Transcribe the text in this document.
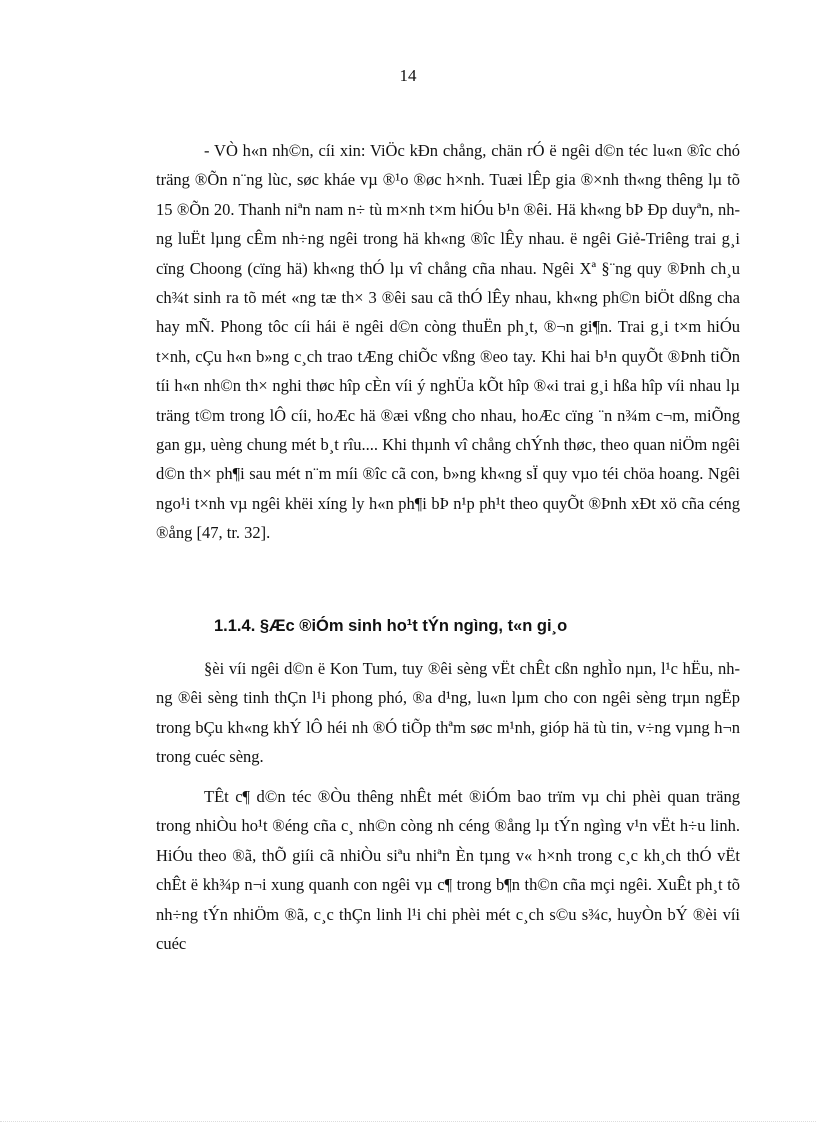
14

- VÒ h«n nh©n, cíi xin: ViÖc kÐn chång, chän rÓ ë ngêi d©n téc lu«n ®îc chó träng ®Õn n¨ng lùc, søc kháe vµ ®¹o ®øc h×nh. Tuæi lÊp gia ®×nh th«ng thêng lµ tõ 15 ®Õn 20. Thanh niªn nam n÷ tù m×nh t×m hiÓu b¹n ®êi. Hä kh«ng bÞ Ðp duyªn, nhng luËt lµng cÊm nh÷ng ngêi trong hä kh«ng ®îc lÊy nhau. ë ngêi Giẻ-Triêng trai g¸i cïng Choong (cïng hä) kh«ng thÓ lµ vî chång cña nhau. Ngêi Xª §¨ng quy ®Þnh ch¸u ch¾t sinh ra tõ mét «ng tæ th× 3 ®êi sau cã thÓ lÊy nhau, kh«ng ph©n biÖt dßng cha hay mÑ. Phong tôc cíi hái ë ngêi d©n còng thuËn ph¸t, ®¬n gi¶n. Trai g¸i t×m hiÓu t×nh, cÇu h«n b»ng c¸ch trao tÆng chiÕc vßng ®eo tay. Khi hai b¹n quyÕt ®Þnh tiÕn tíi h«n nh©n th× nghi thøc hîp cÈn víi ý nghÜa kÕt hîp ®«i trai g¸i hßa hîp víi nhau lµ träng t©m trong lÔ cíi, hoÆc hä ®æi vßng cho nhau, hoÆc cïng ¨n n¾m c¬m, miÕng gan gµ, uèng chung mét b¸t rîu.... Khi thµnh vî chång chÝnh thøc, theo quan niÖm ngêi d©n th× ph¶i sau mét n¨m míi ®îc cã con, b»ng kh«ng sÏ quy vµo téi chöa hoang. Ngêi ngo¹i t×nh vµ ngêi khëi xíng ly h«n ph¶i bÞ n¹p ph¹t theo quyÕt ®Þnh xÐt xö cña céng ®ång [47, tr. 32].

1.1.4. §Æc ®iÓm sinh ho¹t tÝn ngìng, t«n gi¸o

§èi víi ngêi d©n ë Kon Tum, tuy ®êi sèng vËt chÊt cßn nghÌo nµn, l¹c hËu, nhng ®êi sèng tinh thÇn l¹i phong phó, ®a d¹ng, lu«n lµm cho con ngêi sèng trµn ngËp trong bÇu kh«ng khÝ lÔ héi nh ®Ó tiÕp thªm søc m¹nh, gióp hä tù tin, v÷ng vµng h¬n trong cuéc sèng.

TÊt c¶ d©n téc ®Òu thêng nhÊt mét ®iÓm bao trïm vµ chi phèi quan träng trong nhiÒu ho¹t ®éng cña c¸ nh©n còng nh céng ®ång lµ tÝn ngìng v¹n vËt h÷u linh. HiÓu theo ®ã, thÕ giíi cã nhiÒu siªu nhiªn Èn tµng v« h×nh trong c¸c kh¸ch thÓ vËt chÊt ë kh¾p n¬i xung quanh con ngêi vµ c¶ trong b¶n th©n cña mçi ngêi. XuÊt ph¸t tõ nh÷ng tÝn nhiÖm ®ã, c¸c thÇn linh l¹i chi phèi mét c¸ch s©u s¾c, huyÒn bÝ ®èi víi cuéc
